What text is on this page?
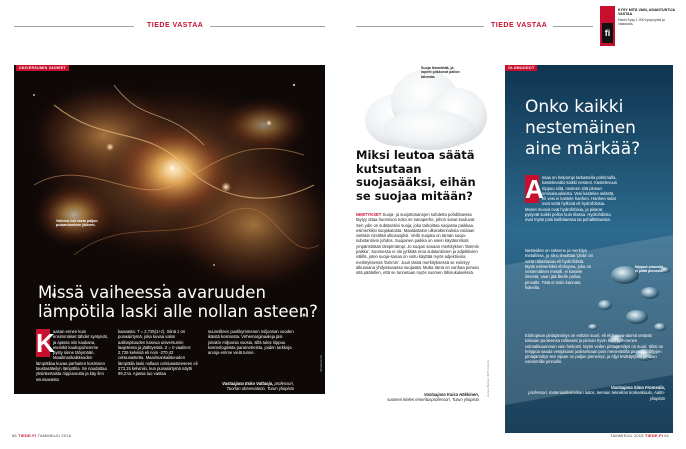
TIEDE VASTAA	TIEDE VASTAA
fi
KYSY MITÄ VAIN, ASIANTUNTIJA VASTAA
Hanki Kysy 1 000 kysymystä ja vastausta.
UNIVERSUMIN VAIHEET
Vaikeus tuli vasta paljon pulaantumisen jälkeen.
Shutterstock
Missä vaiheessa avaruuden lämpötila laski alle nollan asteen?
K
aasan ennen kuin ensimmäiset tähdet syntyivät, ja ajassa niin kaukana, eteinikit kaukopuhemme pysty sinne tähymään. Maailmankaikkeuden lämpötilaa kuvaa parhaiten kosmisen taustasäteilyn lämpötila. Se noudattaa yksinkertaista riippuvuutta ja käy ilmi seuraavasta
kaavasta: T = 2,725(1+z). Siinä z on punasiirtymä, joka kuvaa valon aallonpituuden kasvua universumin laajetessa ja jäähtyessä. Z = 0 vaaliten: 2,725 kelviniä eli noin -270,42 celsiusastetta. Maailmankaikkeuden lämpötila laski nollaan celsiusasteeseen eli 273,15 kelviniin, kun punasiirtymä näytti 99,2:ta. Ajassa tuo vastaa
suunnilleen puolikymmenen miljoonan vuoden ikäistä kosmosta. Virhemarginaaleja jäsi joitakin miljoonia vuosia, sillä tulos riippuu kosmologisista parametreista, joiden tarkkoja arvoja emme vielä tunne.
Vastaajana Esko Valtaoja, professori, Tuorlan observatorio, Turun yliopisto
Suoja lämmittää, ja lopeet pilkkovat pallon talvesta.
Miksi leutoa säätä kutsutaan suojasääksi, eihän se suojaa mitään?
NIMITYKSET Suoja- ja suojottosanojen suhdetta pohdittaessa täytyy ottaa huomioon koko se sanaperhe, johon sanat kuuluvat. Sen ydin on substantiivi suoja, joka tarkoittaa suojassa paikkaa, esimerkiksi suojakatosta. Maalaistalon ulkorakennuksia voidaan vieläkin nimittää ulkosuojiksi. Verbi suojata on tämän suoja-substantiivin johdos. Suojainen paikka on usein käytännössä ympäristöään lämpimämpi. Jo suojan sanaan merkityksen 'lämmin paikka'. Suomessa ei ole jyrkkää eroa sulatantiivien ja adjektiivien välillä, joten suoja-sanaa on voitu käyttää myös adjektiivina merkityksessä 'lämmin'. Juuri tässä merkityksessä se esiintyy alkuosana yhdyssanassa suojasää. Mutta tämä on vanhaa perusa sitä päätellen, että se tunnetaan myös suomen lähisukukielissä.
Vastaajana Kaisa Häkkinen,
suomen kielen emeritusprofessori, Turun yliopisto
Hanna Bjarna / MTV Finans
OLOMUODOT
Onko kaikki nestemäinen aine märkää?
A
ssaa on helpompi tarkastella pohtimalla, kastelevatko kaikki nesteet. Kastelevuus riippuu siitä, nesteen sitä pinnan ominaisuuksista. Vesi kastelee selästä, eli vesi ei kastele hanhen. Hanhen sulat ovat vettä hylkiviä eli hydrofobisia. Monet muovit ovat hydrofobisia, ja pisarat pysyvät suikki pellon kuin tilassa. Hydrofobisia ovat myös pois kalibitaessa tai puhallettaessa.
Nesteiden on rakenne ja merkitys metallissa, ja siksi ilmoittaa 'pinta' on vettä rakastavaa eli hydrofiilistä. Myös esimerkiksi elohopea, joka on nestemäinen metalli, ei kastele ilmestä, vaan jää ilkelle palloa pinnalle. Tätä ei tosin kannata kokeilla.
Nippavi pisaroita ei pitää pinnasta.
Elohopean pintajännitys on erittäin suuri, eli elohopea-atomit vetävät toisiaan puoleensa rallavasti ja pinnan hyvin kuin kymmenen voimakkaamman vain heikosti. Myös veden pintajännitys on suuri. Siksi on helppoa saada vesipisarat juoksemaan pois meneväsiltä pinnoilta. Öljyjen pintajännitys sen sijaan on paljon pienempi, ja öljyt levittäytyvät pintaan useimmille pinnoille.
Vastaajana Sima Fromsdia,
professori, materiaalitekniikan laitos, kemian tekniikan korkeakoulu, Aalto-yliopisto
66 TIEDE.FI TAMMIKUU 2016	TAMMIKUU 2016 TIEDE.FI 61
